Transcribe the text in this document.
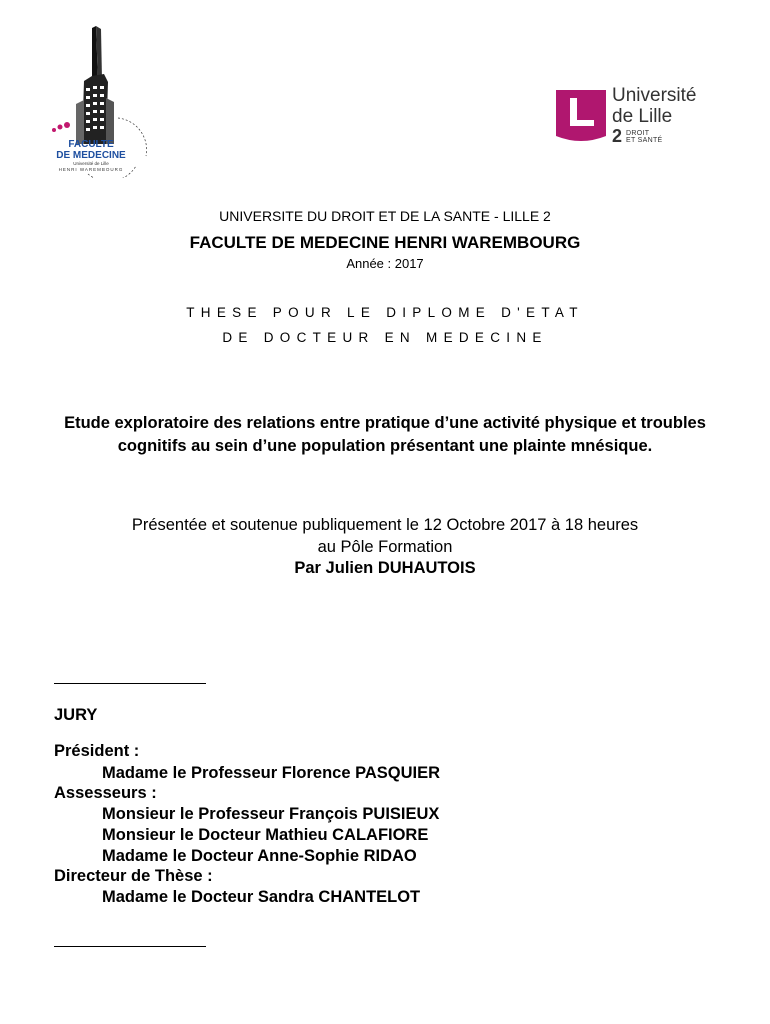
FACULTE
DE MEDECINE
Université de Lille
HENRI WAREMBOURG
Université
de Lille
2 DROIT
ET SANTÉ
UNIVERSITE DU DROIT ET DE LA SANTE - LILLE 2
FACULTE DE MEDECINE HENRI WAREMBOURG
Année : 2017
THESE POUR LE DIPLOME D'ETAT
DE DOCTEUR EN MEDECINE
Etude exploratoire des relations entre pratique d’une activité physique et troubles cognitifs au sein d’une population présentant une plainte mnésique.
Présentée et soutenue publiquement le 12 Octobre 2017 à 18 heures
au Pôle Formation
Par Julien DUHAUTOIS
JURY
Président :
Madame le Professeur Florence PASQUIER
Assesseurs :
Monsieur le Professeur François PUISIEUX
Monsieur le Docteur Mathieu CALAFIORE
Madame le Docteur Anne-Sophie RIDAO
Directeur de Thèse :
Madame le Docteur Sandra CHANTELOT
